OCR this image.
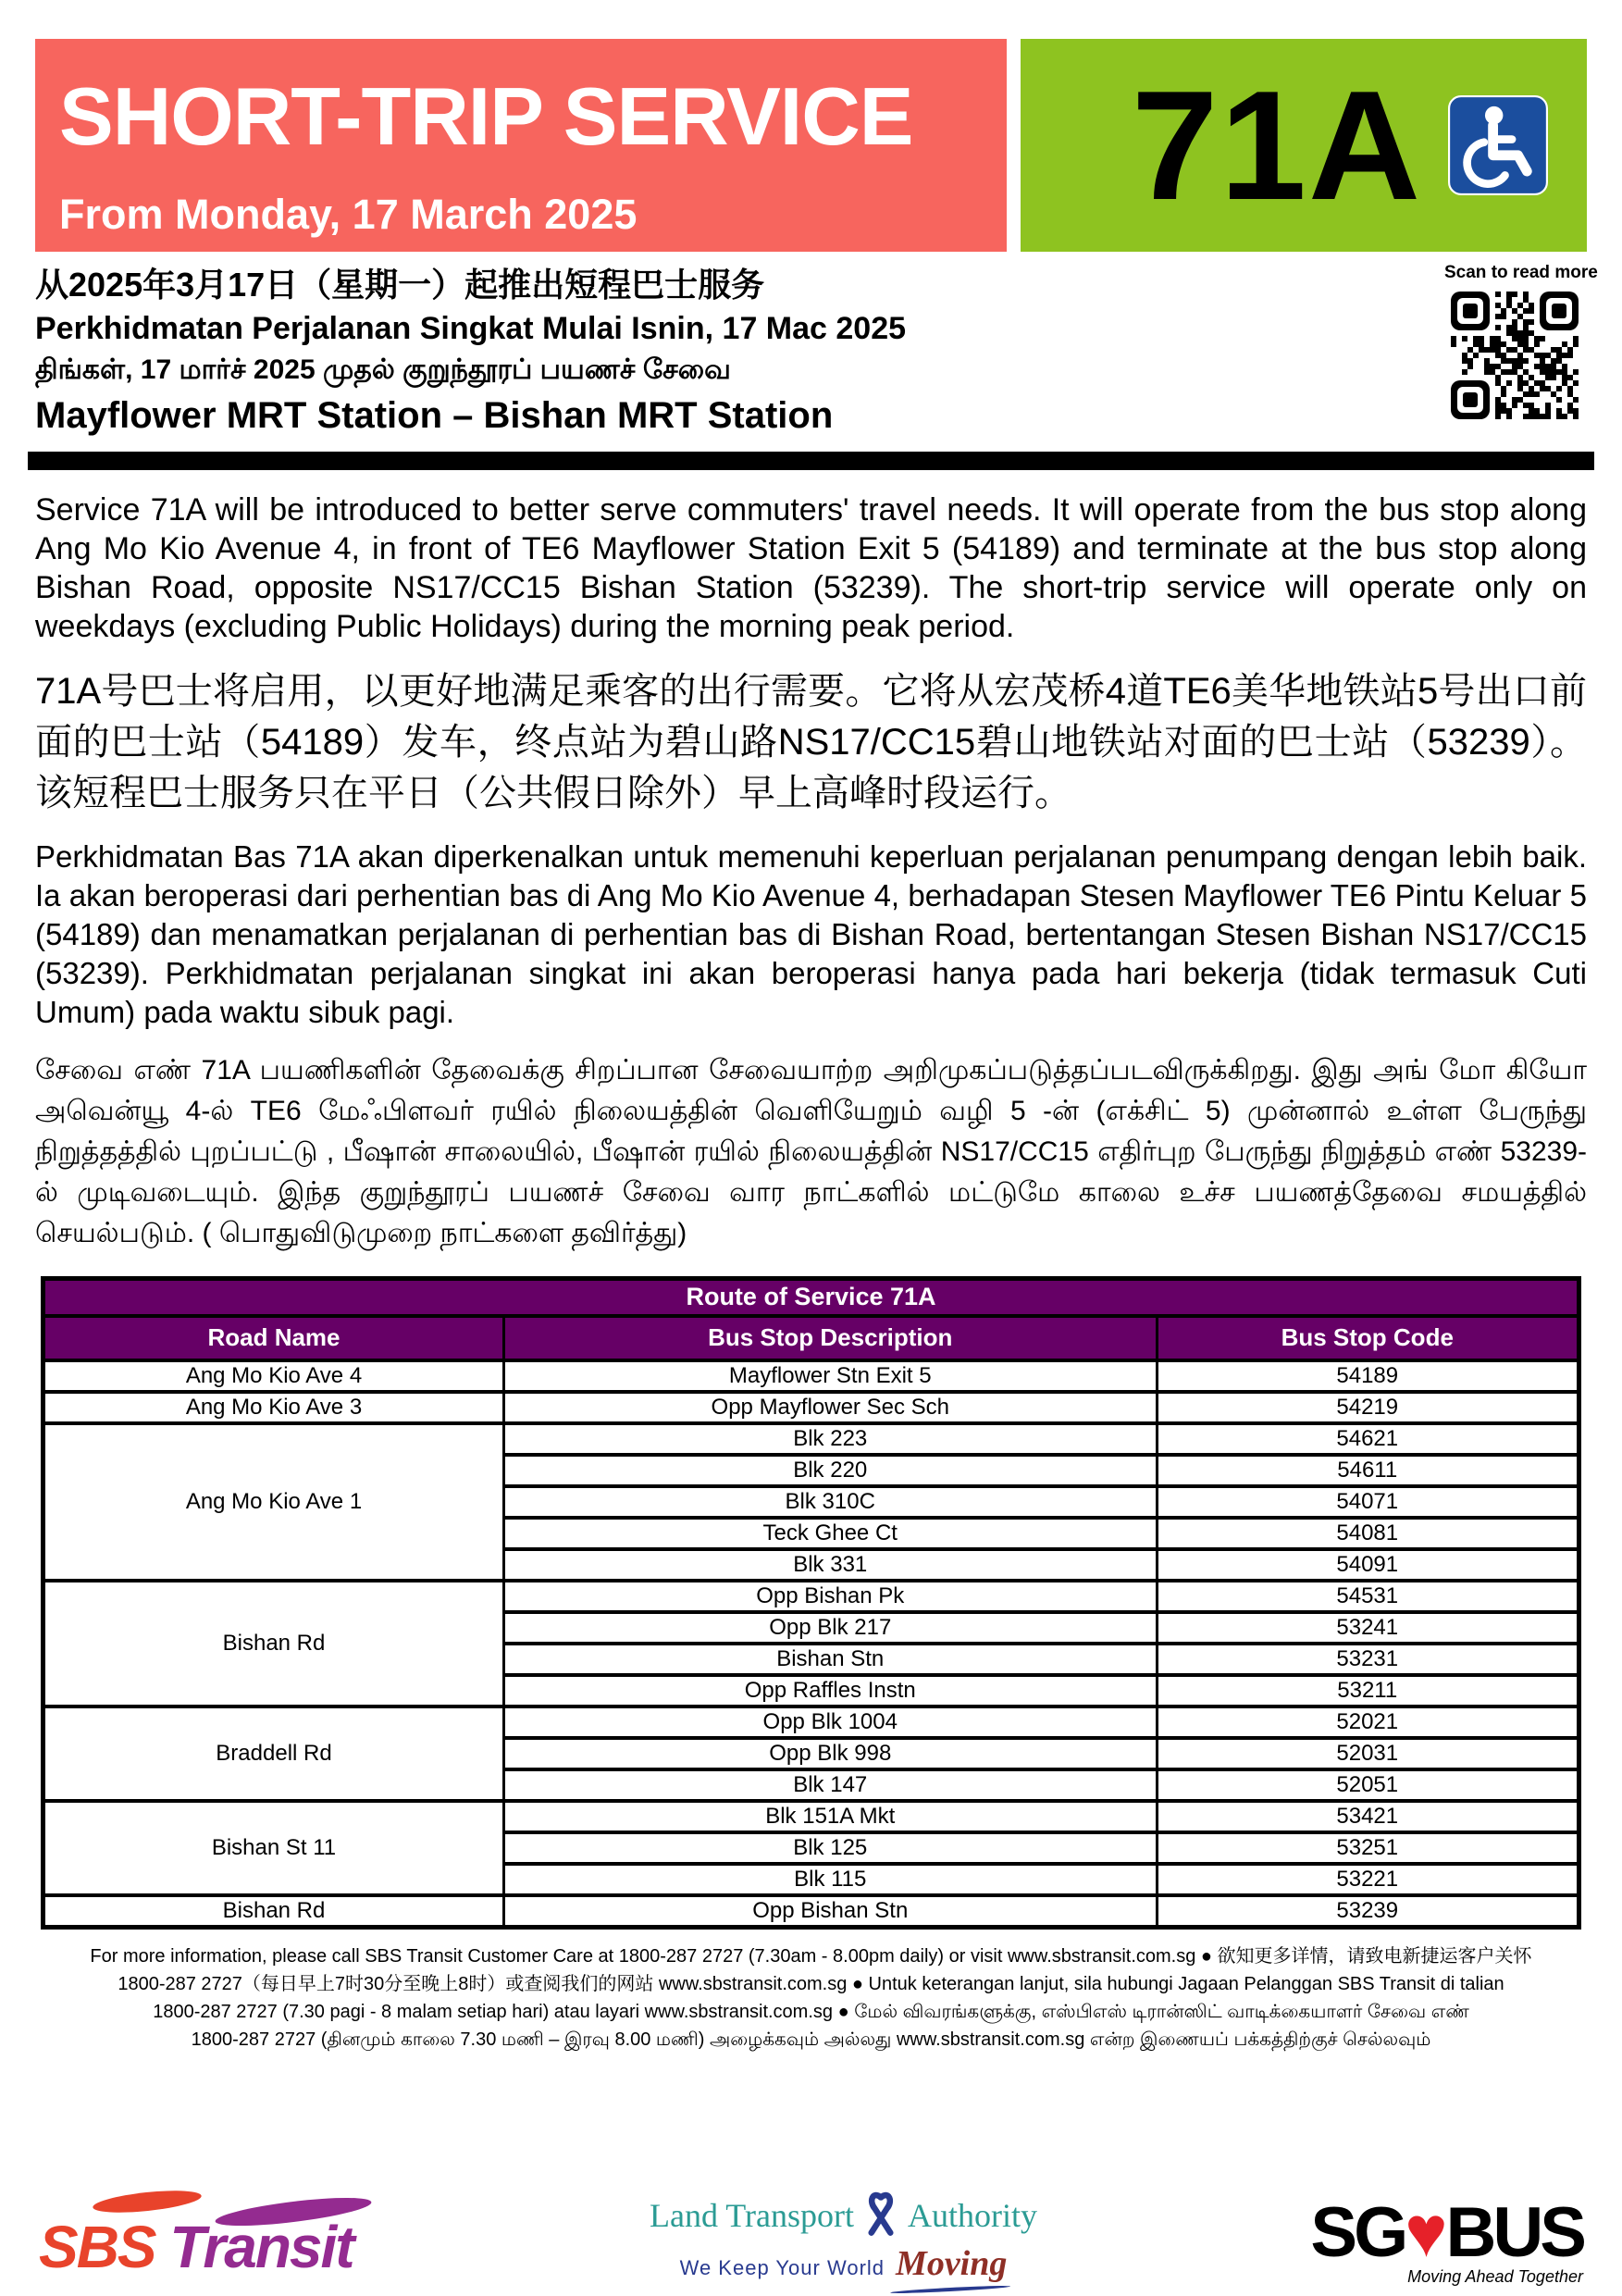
SHORT-TRIP SERVICE
From Monday, 17 March 2025	71A
从2025年3月17日（星期一）起推出短程巴士服务
Perkhidmatan Perjalanan Singkat Mulai Isnin, 17 Mac 2025
திங்கள், 17 மார்ச் 2025 முதல் குறுந்தூரப் பயணச் சேவை
Mayflower MRT Station – Bishan MRT Station
Scan to read more
Service 71A will be introduced to better serve commuters' travel needs. It will operate from the bus stop along Ang Mo Kio Avenue 4, in front of TE6 Mayflower Station Exit 5 (54189) and terminate at the bus stop along Bishan Road, opposite NS17/CC15 Bishan Station (53239). The short-trip service will operate only on weekdays (excluding Public Holidays) during the morning peak period.
71A号巴士将启用，以更好地满足乘客的出行需要。它将从宏茂桥4道TE6美华地铁站5号出口前面的巴士站（54189）发车，终点站为碧山路NS17/CC15碧山地铁站对面的巴士站（53239）。该短程巴士服务只在平日（公共假日除外）早上高峰时段运行。
Perkhidmatan Bas 71A akan diperkenalkan untuk memenuhi keperluan perjalanan penumpang dengan lebih baik. Ia akan beroperasi dari perhentian bas di Ang Mo Kio Avenue 4, berhadapan Stesen Mayflower TE6 Pintu Keluar 5 (54189) dan menamatkan perjalanan di perhentian bas di Bishan Road, bertentangan Stesen Bishan NS17/CC15 (53239). Perkhidmatan perjalanan singkat ini akan beroperasi hanya pada hari bekerja (tidak termasuk Cuti Umum) pada waktu sibuk pagi.
சேவை எண் 71A பயணிகளின் தேவைக்கு சிறப்பான சேவையாற்ற அறிமுகப்படுத்தப்படவிருக்கிறது. இது அங் மோ கியோ அவென்யூ 4-ல் TE6 மேஃபிளவர் ரயில் நிலையத்தின் வெளியேறும் வழி 5 -ன் (எக்சிட் 5) முன்னால் உள்ள பேருந்து நிறுத்தத்தில் புறப்பட்டு , பீஷான் சாலையில், பீஷான் ரயில் நிலையத்தின் NS17/CC15 எதிர்புற பேருந்து நிறுத்தம் எண் 53239- ல் முடிவடையும். இந்த குறுந்தூரப் பயணச் சேவை வார நாட்களில் மட்டுமே காலை உச்ச பயணத்தேவை சமயத்தில் செயல்படும். ( பொதுவிடுமுறை நாட்களை தவிர்த்து)
Route of Service 71A		
Road Name	Bus Stop Description	Bus Stop Code
Ang Mo Kio Ave 4	Mayflower Stn Exit 5	54189
Ang Mo Kio Ave 3	Opp Mayflower Sec Sch	54219
Ang Mo Kio Ave 1	Blk 223	54621
	Blk 220	54611
	Blk 310C	54071
	Teck Ghee Ct	54081
	Blk 331	54091
Bishan Rd	Opp Bishan Pk	54531
	Opp Blk 217	53241
	Bishan Stn	53231
	Opp Raffles Instn	53211
Braddell Rd	Opp Blk 1004	52021
	Opp Blk 998	52031
	Blk 147	52051
Bishan St 11	Blk 151A Mkt	53421
	Blk 125	53251
	Blk 115	53221
Bishan Rd	Opp Bishan Stn	53239
For more information, please call SBS Transit Customer Care at 1800-287 2727 (7.30am - 8.00pm daily) or visit www.sbstransit.com.sg ● 欲知更多详情，请致电新捷运客户关怀
1800-287 2727（每日早上7时30分至晚上8时）或查阅我们的网站 www.sbstransit.com.sg ● Untuk keterangan lanjut, sila hubungi Jagaan Pelanggan SBS Transit di talian
1800-287 2727 (7.30 pagi - 8 malam setiap hari) atau layari www.sbstransit.com.sg ● மேல் விவரங்களுக்கு, எஸ்பிஎஸ் டிரான்ஸிட் வாடிக்கையாளர் சேவை எண்
1800-287 2727 (தினமும் காலை 7.30 மணி – இரவு 8.00 மணி) அழைக்கவும் அல்லது www.sbstransit.com.sg என்ற இணையப் பக்கத்திற்குச் செல்லவும்
SBS Transit	Land Transport Authority
We Keep Your World Moving	SG♥BUS
Moving Ahead Together
